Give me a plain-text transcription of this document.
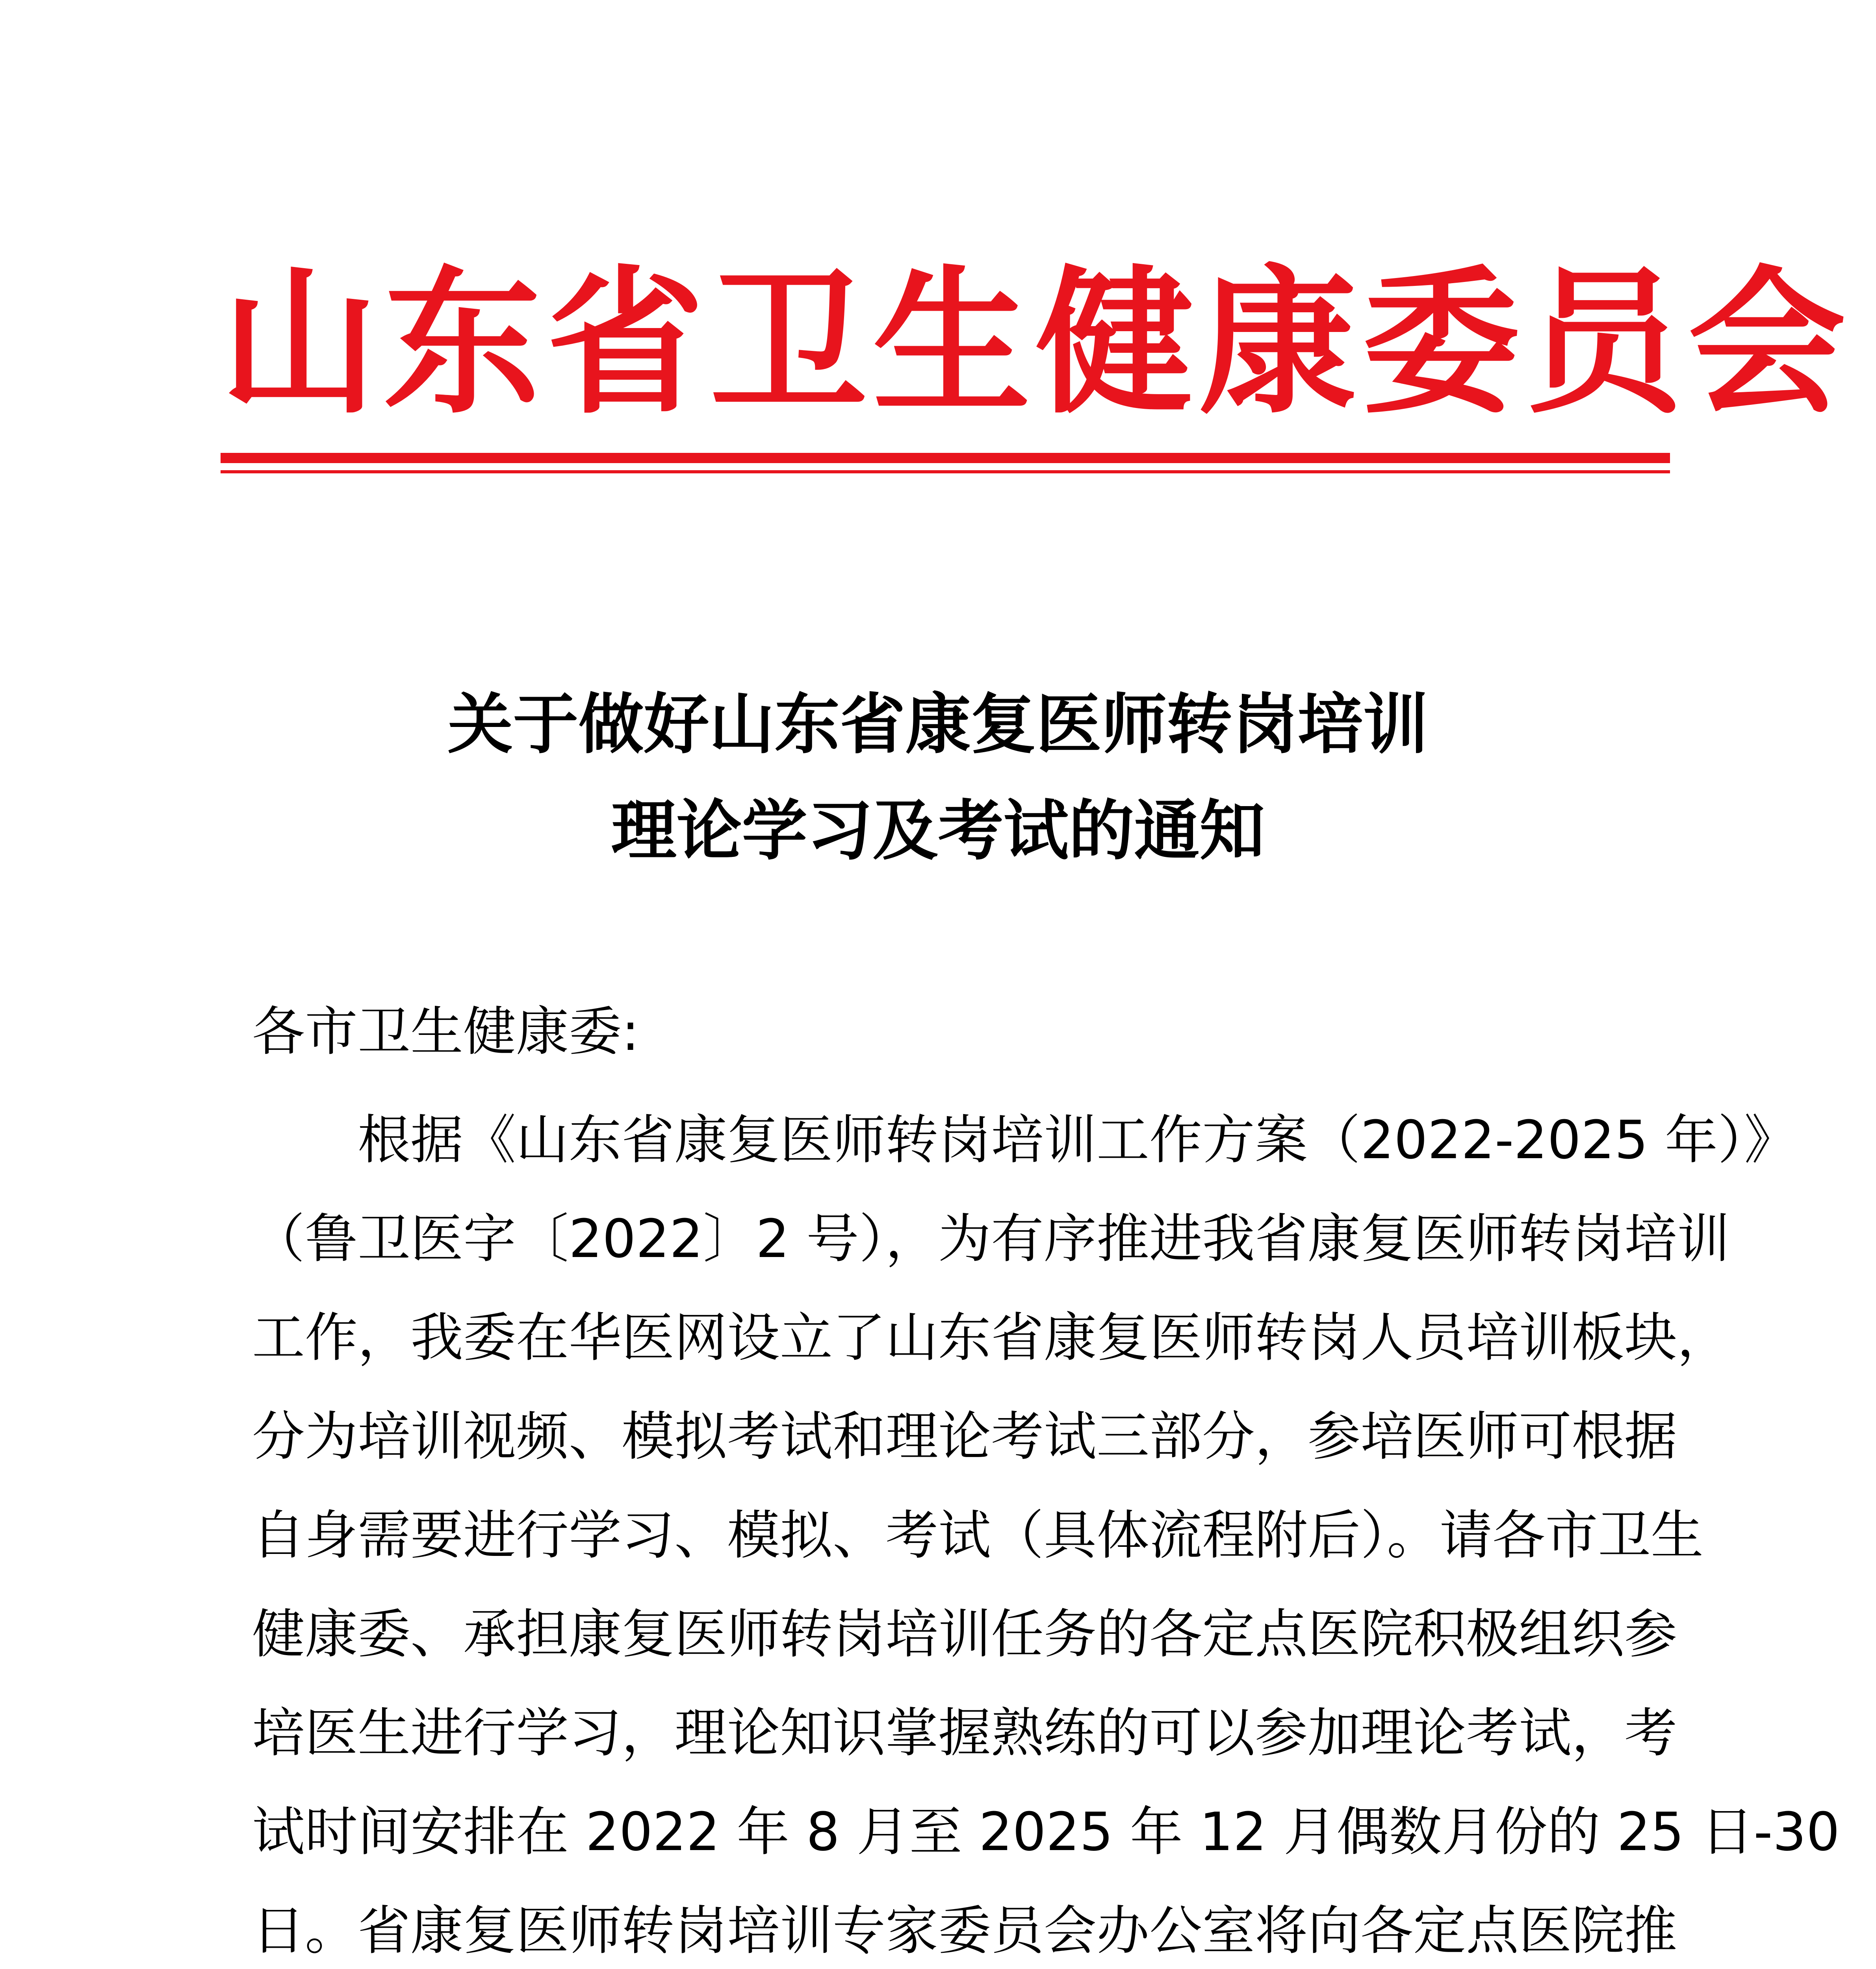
山东省卫生健康委员会
关于做好山东省康复医师转岗培训
理论学习及考试的通知
各市卫生健康委:
根据《山东省康复医师转岗培训工作方案（2022-2025 年）》
（鲁卫医字〔2022〕2 号），为有序推进我省康复医师转岗培训
工作，我委在华医网设立了山东省康复医师转岗人员培训板块，
分为培训视频、模拟考试和理论考试三部分，参培医师可根据
自身需要进行学习、模拟、考试（具体流程附后）。请各市卫生
健康委、承担康复医师转岗培训任务的各定点医院积极组织参
培医生进行学习，理论知识掌握熟练的可以参加理论考试，考
试时间安排在 2022 年 8 月至 2025 年 12 月偶数月份的 25 日-30
日。省康复医师转岗培训专家委员会办公室将向各定点医院推
